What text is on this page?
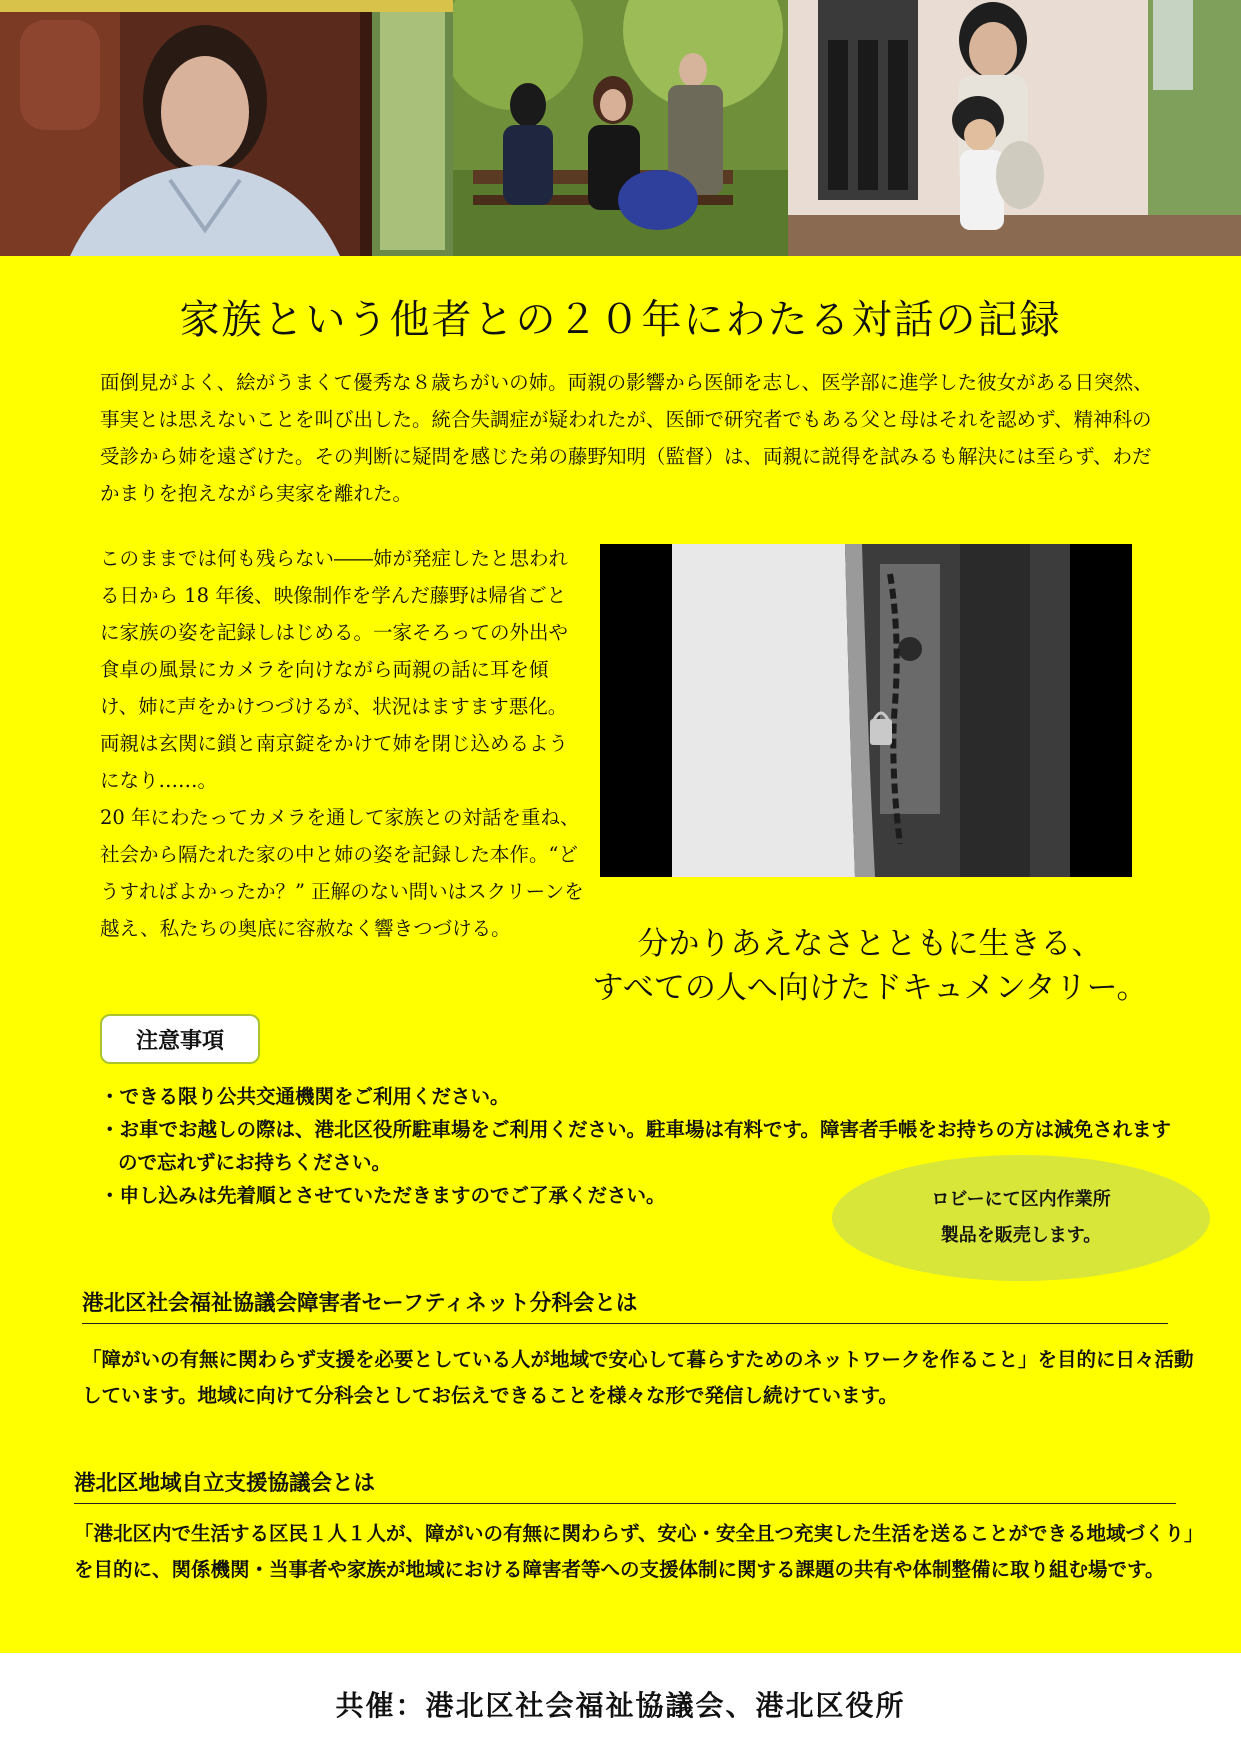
家族という他者との２０年にわたる対話の記録

面倒見がよく、絵がうまくて優秀な８歳ちがいの姉。両親の影響から医師を志し、医学部に進学した彼女がある日突然、事実とは思えないことを叫び出した。統合失調症が疑われたが、医師で研究者でもある父と母はそれを認めず、精神科の受診から姉を遠ざけた。その判断に疑問を感じた弟の藤野知明（監督）は、両親に説得を試みるも解決には至らず、わだかまりを抱えながら実家を離れた。

このままでは何も残らない――姉が発症したと思われる日から 18 年後、映像制作を学んだ藤野は帰省ごとに家族の姿を記録しはじめる。一家そろっての外出や食卓の風景にカメラを向けながら両親の話に耳を傾け、姉に声をかけつづけるが、状況はますます悪化。両親は玄関に鎖と南京錠をかけて姉を閉じ込めるようになり……。

20 年にわたってカメラを通して家族との対話を重ね、社会から隔たれた家の中と姉の姿を記録した本作。“どうすればよかったか？” 正解のない問いはスクリーンを越え、私たちの奥底に容赦なく響きつづける。	分かりあえなさとともに生きる、
すべての人へ向けたドキュメンタリー。
注意事項
・ できる限り公共交通機関をご利用ください。
・ お車でお越しの際は、港北区役所駐車場をご利用ください。駐車場は有料です。障害者手帳をお持ちの方は減免されますので忘れずにお持ちください。
・ 申し込みは先着順とさせていただきますのでご了承ください。	ロビーにて区内作業所
製品を販売します。
港北区社会福祉協議会障害者セーフティネット分科会とは

「障がいの有無に関わらず支援を必要としている人が地域で安心して暮らすためのネットワークを作ること」を目的に日々活動しています。地域に向けて分科会としてお伝えできることを様々な形で発信し続けています。

港北区地域自立支援協議会とは

「港北区内で生活する区民１人１人が、障がいの有無に関わらず、安心・安全且つ充実した生活を送ることができる地域づくり」を目的に、関係機関・当事者や家族が地域における障害者等への支援体制に関する課題の共有や体制整備に取り組む場です。

共催：港北区社会福祉協議会、港北区役所
